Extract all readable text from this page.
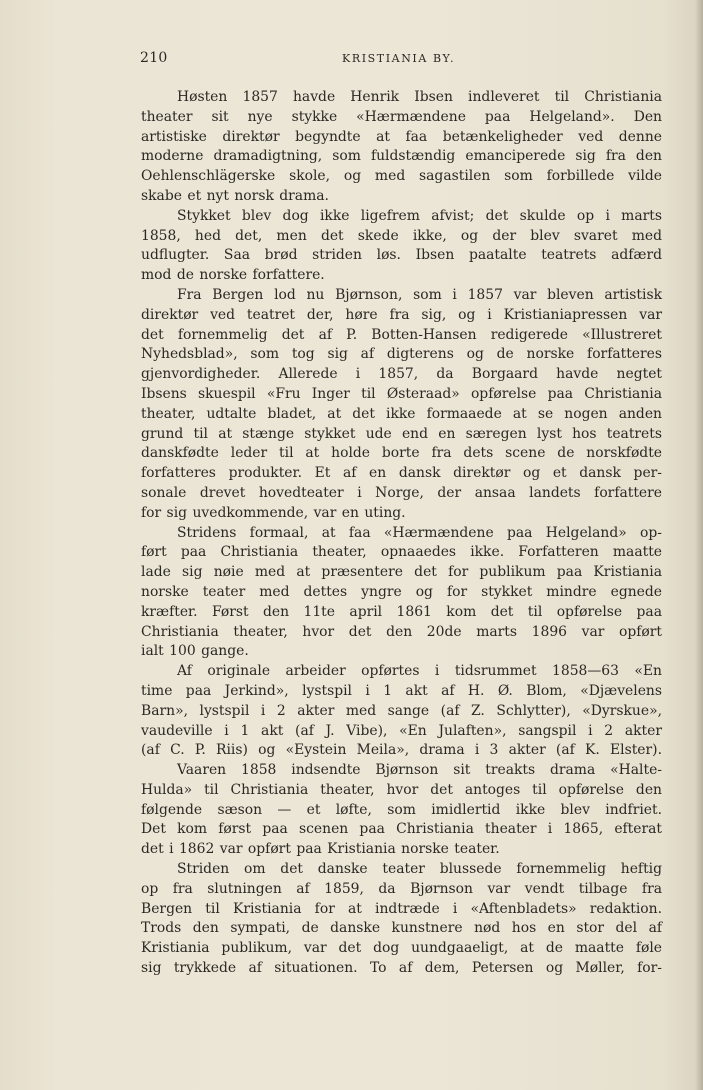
210	KRISTIANIA BY.
Høsten 1857 havde Henrik Ibsen indleveret til Christiania
theater sit nye stykke «Hærmændene paa Helgeland». Den
artistiske direktør begyndte at faa betænkeligheder ved denne
moderne dramadigtning, som fuldstændig emanciperede sig fra den
Oehlenschlägerske skole, og med sagastilen som forbillede vilde
skabe et nyt norsk drama.
Stykket blev dog ikke ligefrem afvist; det skulde op i marts
1858, hed det, men det skede ikke, og der blev svaret med
udflugter. Saa brød striden løs. Ibsen paatalte teatrets adfærd
mod de norske forfattere.
Fra Bergen lod nu Bjørnson, som i 1857 var bleven artistisk
direktør ved teatret der, høre fra sig, og i Kristianiapressen var
det fornemmelig det af P. Botten-Hansen redigerede «Illustreret
Nyhedsblad», som tog sig af digterens og de norske forfatteres
gjenvordigheder. Allerede i 1857, da Borgaard havde negtet
Ibsens skuespil «Fru Inger til Østeraad» opførelse paa Christiania
theater, udtalte bladet, at det ikke formaaede at se nogen anden
grund til at stænge stykket ude end en særegen lyst hos teatrets
danskfødte leder til at holde borte fra dets scene de norskfødte
forfatteres produkter. Et af en dansk direktør og et dansk per-
sonale drevet hovedteater i Norge, der ansaa landets forfattere
for sig uvedkommende, var en uting.
Stridens formaal, at faa «Hærmændene paa Helgeland» op-
ført paa Christiania theater, opnaaedes ikke. Forfatteren maatte
lade sig nøie med at præsentere det for publikum paa Kristiania
norske teater med dettes yngre og for stykket mindre egnede
kræfter. Først den 11te april 1861 kom det til opførelse paa
Christiania theater, hvor det den 20de marts 1896 var opført
ialt 100 gange.
Af originale arbeider opførtes i tidsrummet 1858—63 «En
time paa Jerkind», lystspil i 1 akt af H. Ø. Blom, «Djævelens
Barn», lystspil i 2 akter med sange (af Z. Schlytter), «Dyrskue»,
vaudeville i 1 akt (af J. Vibe), «En Julaften», sangspil i 2 akter
(af C. P. Riis) og «Eystein Meila», drama i 3 akter (af K. Elster).
Vaaren 1858 indsendte Bjørnson sit treakts drama «Halte-
Hulda» til Christiania theater, hvor det antoges til opførelse den
følgende sæson — et løfte, som imidlertid ikke blev indfriet.
Det kom først paa scenen paa Christiania theater i 1865, efterat
det i 1862 var opført paa Kristiania norske teater.
Striden om det danske teater blussede fornemmelig heftig
op fra slutningen af 1859, da Bjørnson var vendt tilbage fra
Bergen til Kristiania for at indtræde i «Aftenbladets» redaktion.
Trods den sympati, de danske kunstnere nød hos en stor del af
Kristiania publikum, var det dog uundgaaeligt, at de maatte føle
sig trykkede af situationen. To af dem, Petersen og Møller, for-
